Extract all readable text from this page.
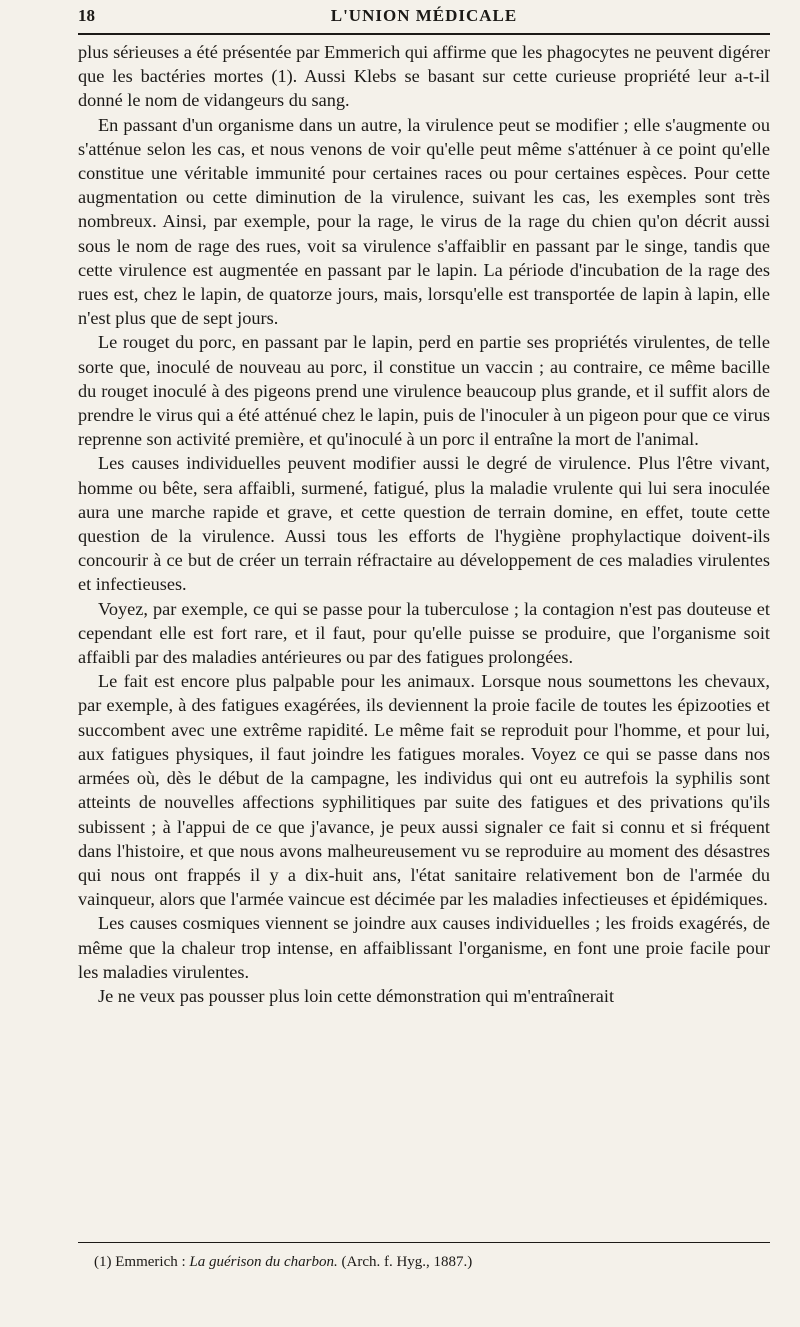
18	L'UNION MÉDICALE

plus sérieuses a été présentée par Emmerich qui affirme que les phagocytes ne peuvent digérer que les bactéries mortes (1). Aussi Klebs se basant sur cette curieuse propriété leur a-t-il donné le nom de vidangeurs du sang.

En passant d'un organisme dans un autre, la virulence peut se modifier ; elle s'augmente ou s'atténue selon les cas, et nous venons de voir qu'elle peut même s'atténuer à ce point qu'elle constitue une véritable immunité pour certaines races ou pour certaines espèces. Pour cette augmentation ou cette diminution de la virulence, suivant les cas, les exemples sont très nombreux. Ainsi, par exemple, pour la rage, le virus de la rage du chien qu'on décrit aussi sous le nom de rage des rues, voit sa virulence s'affaiblir en passant par le singe, tandis que cette virulence est augmentée en passant par le lapin. La période d'incubation de la rage des rues est, chez le lapin, de quatorze jours, mais, lorsqu'elle est transportée de lapin à lapin, elle n'est plus que de sept jours.

Le rouget du porc, en passant par le lapin, perd en partie ses propriétés virulentes, de telle sorte que, inoculé de nouveau au porc, il constitue un vaccin ; au contraire, ce même bacille du rouget inoculé à des pigeons prend une virulence beaucoup plus grande, et il suffit alors de prendre le virus qui a été atténué chez le lapin, puis de l'inoculer à un pigeon pour que ce virus reprenne son activité première, et qu'inoculé à un porc il entraîne la mort de l'animal.

Les causes individuelles peuvent modifier aussi le degré de virulence. Plus l'être vivant, homme ou bête, sera affaibli, surmené, fatigué, plus la maladie vrulente qui lui sera inoculée aura une marche rapide et grave, et cette question de terrain domine, en effet, toute cette question de la virulence. Aussi tous les efforts de l'hygiène prophylactique doivent-ils concourir à ce but de créer un terrain réfractaire au développement de ces maladies virulentes et infectieuses.

Voyez, par exemple, ce qui se passe pour la tuberculose ; la contagion n'est pas douteuse et cependant elle est fort rare, et il faut, pour qu'elle puisse se produire, que l'organisme soit affaibli par des maladies antérieures ou par des fatigues prolongées.

Le fait est encore plus palpable pour les animaux. Lorsque nous soumettons les chevaux, par exemple, à des fatigues exagérées, ils deviennent la proie facile de toutes les épizooties et succombent avec une extrême rapidité. Le même fait se reproduit pour l'homme, et pour lui, aux fatigues physiques, il faut joindre les fatigues morales. Voyez ce qui se passe dans nos armées où, dès le début de la campagne, les individus qui ont eu autrefois la syphilis sont atteints de nouvelles affections syphilitiques par suite des fatigues et des privations qu'ils subissent ; à l'appui de ce que j'avance, je peux aussi signaler ce fait si connu et si fréquent dans l'histoire, et que nous avons malheureusement vu se reproduire au moment des désastres qui nous ont frappés il y a dix-huit ans, l'état sanitaire relativement bon de l'armée du vainqueur, alors que l'armée vaincue est décimée par les maladies infectieuses et épidémiques.

Les causes cosmiques viennent se joindre aux causes individuelles ; les froids exagérés, de même que la chaleur trop intense, en affaiblissant l'organisme, en font une proie facile pour les maladies virulentes.

Je ne veux pas pousser plus loin cette démonstration qui m'entraînerait

(1) Emmerich : La guérison du charbon. (Arch. f. Hyg., 1887.)
